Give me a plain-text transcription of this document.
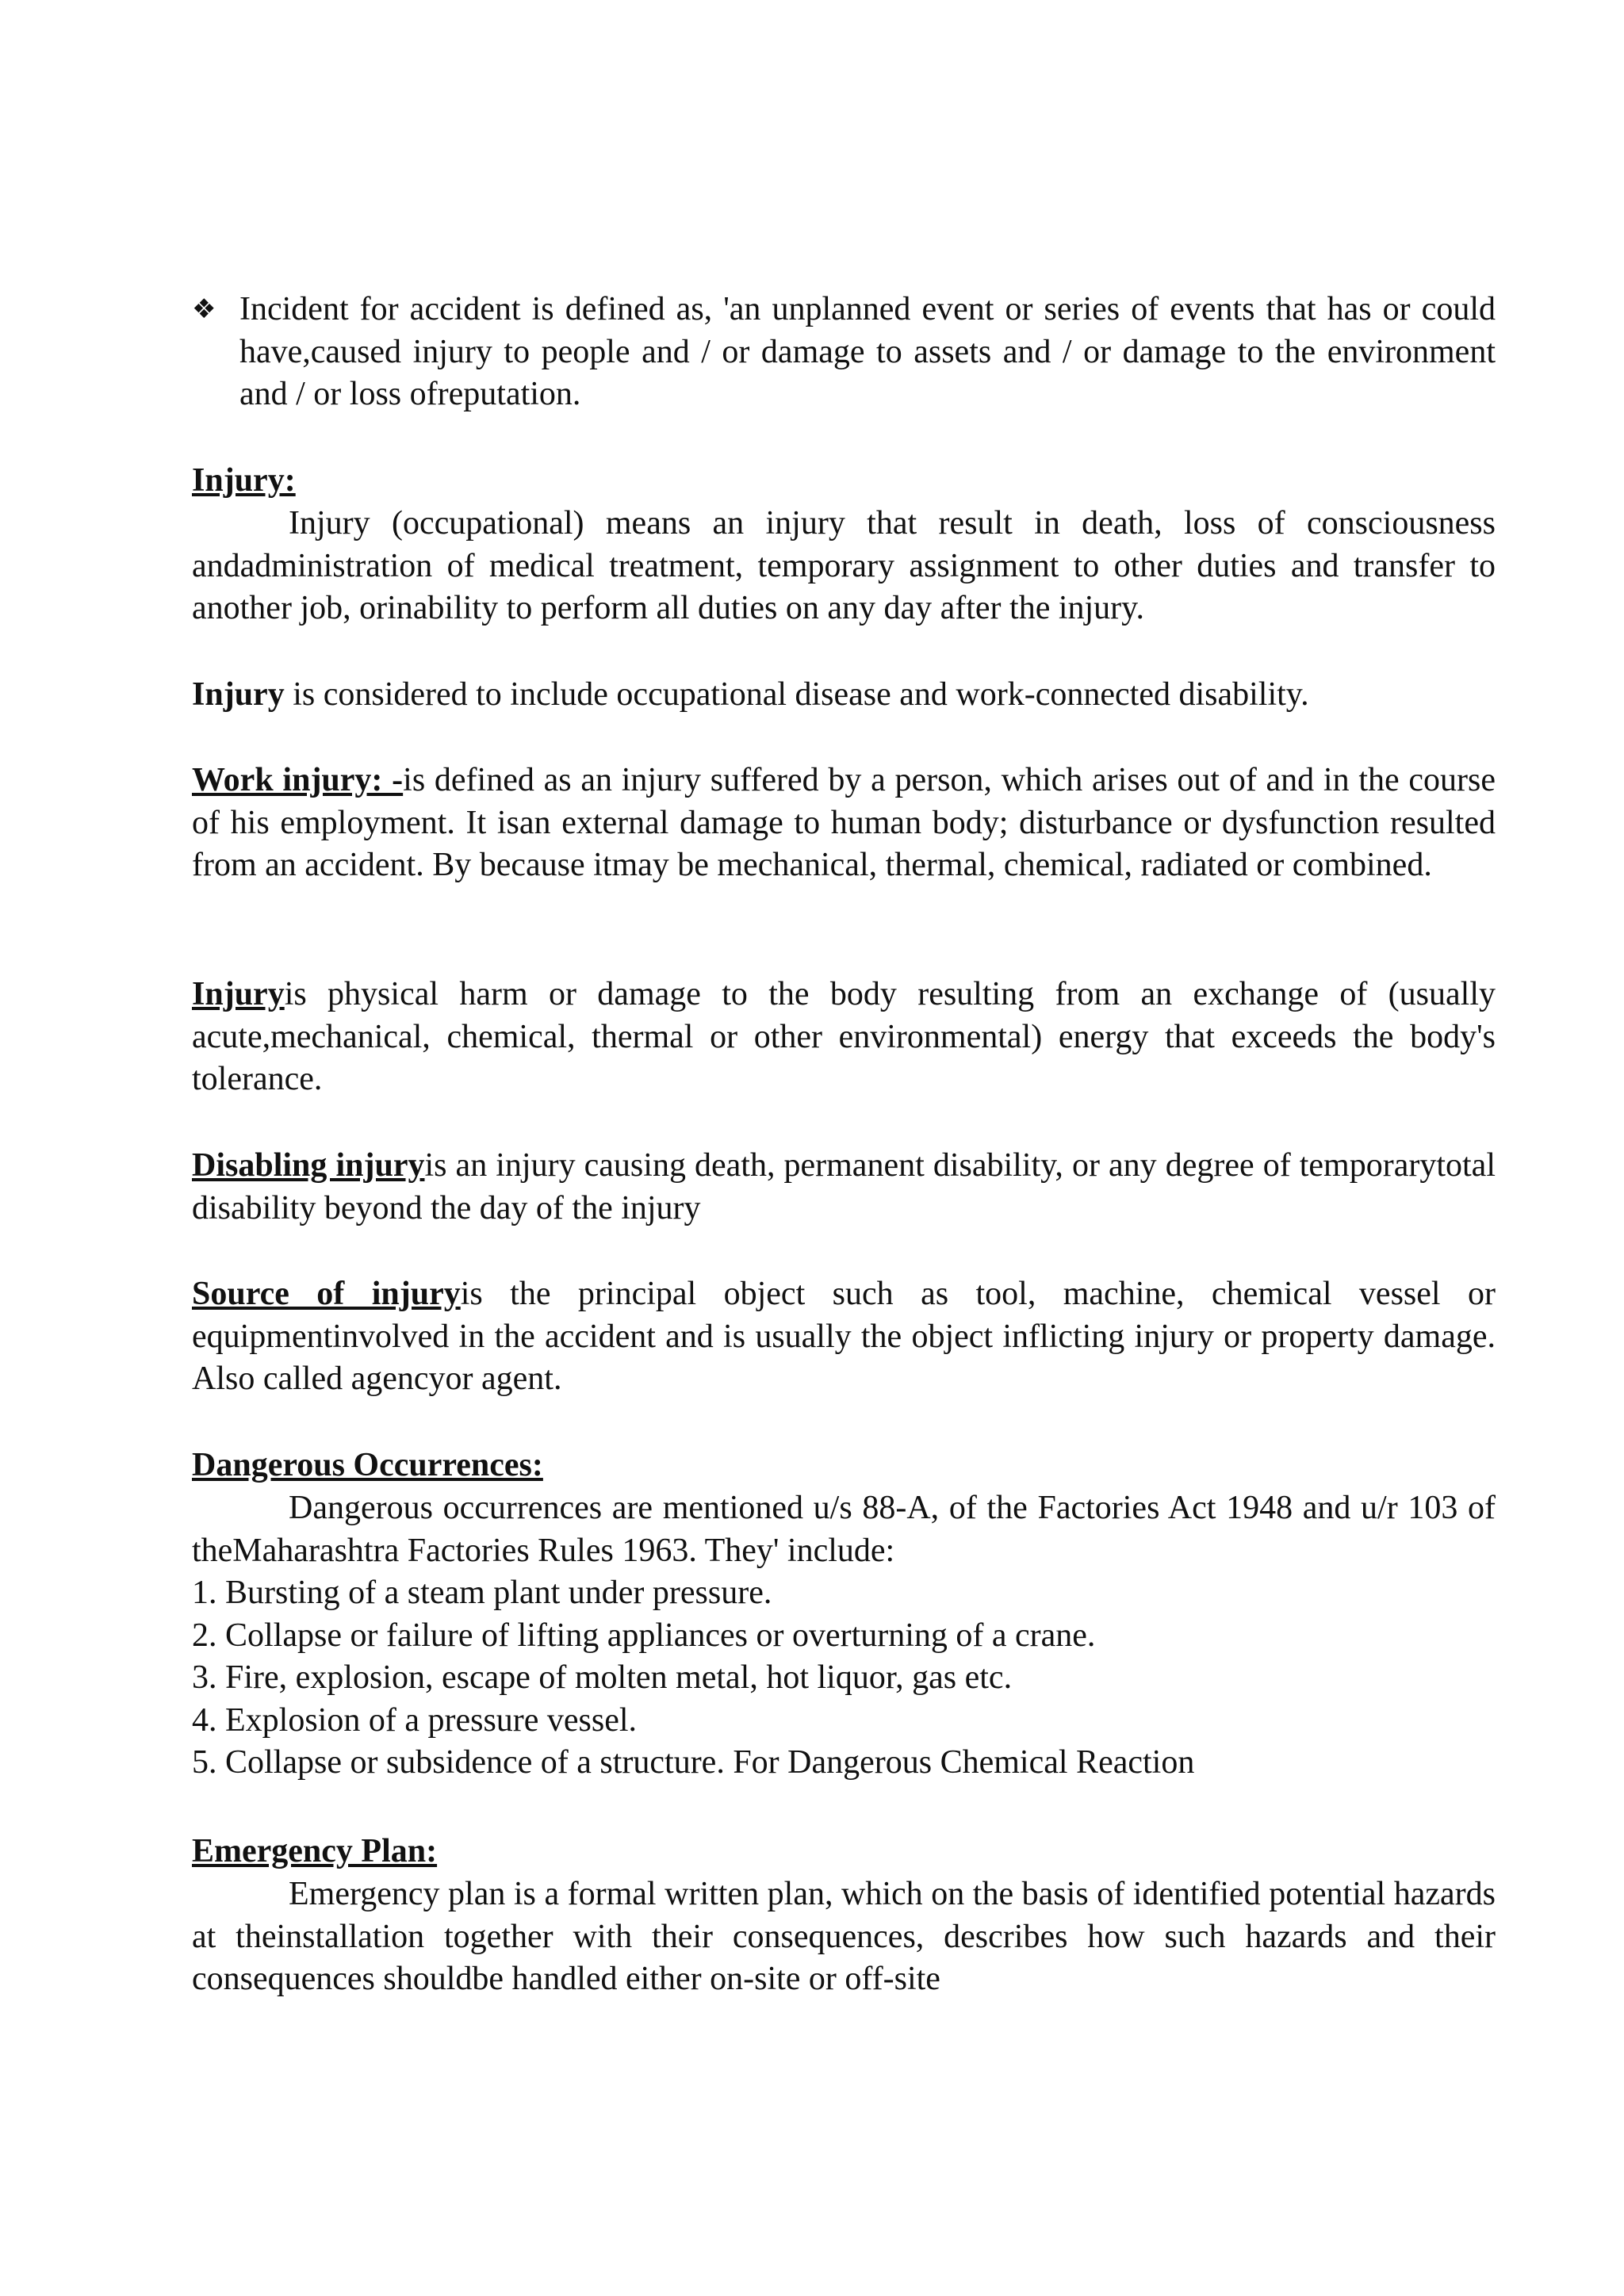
❖ Incident for accident is defined as, 'an unplanned event or series of events that has or could have,caused injury to people and / or damage to assets and / or damage to the environment and / or loss ofreputation.

Injury:

Injury (occupational) means an injury that result in death, loss of consciousness andadministration of medical treatment, temporary assignment to other duties and transfer to another job, orinability to perform all duties on any day after the injury.

Injury is considered to include occupational disease and work-connected disability.

Work injury: -is defined as an injury suffered by a person, which arises out of and in the course of his employment. It isan external damage to human body; disturbance or dysfunction resulted from an accident. By because itmay be mechanical, thermal, chemical, radiated or combined.

Injuryis physical harm or damage to the body resulting from an exchange of (usually acute,mechanical, chemical, thermal or other environmental) energy that exceeds the body's tolerance.

Disabling injuryis an injury causing death, permanent disability, or any degree of temporarytotal disability beyond the day of the injury

Source of injuryis the principal object such as tool, machine, chemical vessel or equipmentinvolved in the accident and is usually the object inflicting injury or property damage. Also called agencyor agent.

Dangerous Occurrences:

Dangerous occurrences are mentioned u/s 88-A, of the Factories Act 1948 and u/r 103 of theMaharashtra Factories Rules 1963. They' include:

1. Bursting of a steam plant under pressure.
2. Collapse or failure of lifting appliances or overturning of a crane.
3. Fire, explosion, escape of molten metal, hot liquor, gas etc.
4. Explosion of a pressure vessel.
5. Collapse or subsidence of a structure. For Dangerous Chemical Reaction

Emergency Plan:

Emergency plan is a formal written plan, which on the basis of identified potential hazards at theinstallation together with their consequences, describes how such hazards and their consequences shouldbe handled either on-site or off-site
